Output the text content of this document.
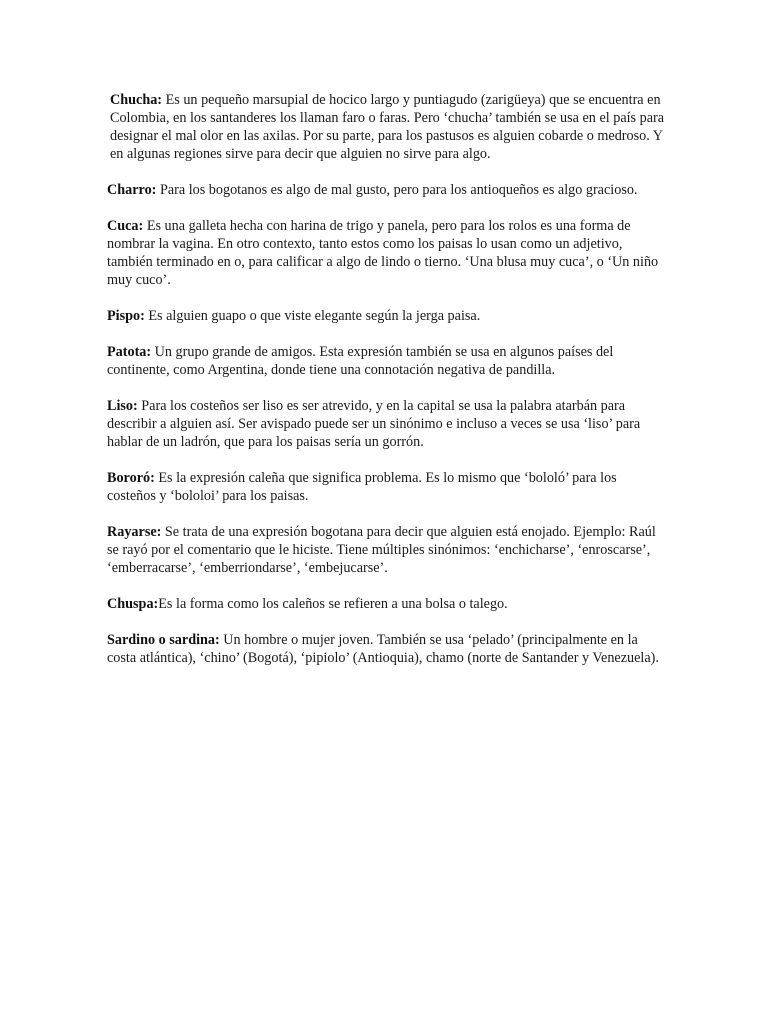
Chucha: Es un pequeño marsupial de hocico largo y puntiagudo (zarigüeya) que se encuentra en Colombia, en los santanderes los llaman faro o faras. Pero ‘chucha’ también se usa en el país para designar el mal olor en las axilas. Por su parte, para los pastusos es alguien cobarde o medroso. Y en algunas regiones sirve para decir que alguien no sirve para algo.

Charro: Para los bogotanos es algo de mal gusto, pero para los antioqueños es algo gracioso.

Cuca: Es una galleta hecha con harina de trigo y panela, pero para los rolos es una forma de nombrar la vagina. En otro contexto, tanto estos como los paisas lo usan como un adjetivo, también terminado en o, para calificar a algo de lindo o tierno. ‘Una blusa muy cuca’, o ‘Un niño muy cuco’.

Pispo: Es alguien guapo o que viste elegante según la jerga paisa.

Patota: Un grupo grande de amigos. Esta expresión también se usa en algunos países del continente, como Argentina, donde tiene una connotación negativa de pandilla.

Liso: Para los costeños ser liso es ser atrevido, y en la capital se usa la palabra atarbán para describir a alguien así. Ser avispado puede ser un sinónimo e incluso a veces se usa ‘liso’ para hablar de un ladrón, que para los paisas sería un gorrón.

Bororó: Es la expresión caleña que significa problema. Es lo mismo que ‘bololó’ para los costeños y ‘bololoi’ para los paisas.

Rayarse: Se trata de una expresión bogotana para decir que alguien está enojado. Ejemplo: Raúl se rayó por el comentario que le hiciste. Tiene múltiples sinónimos: ‘enchicharse’, ‘enroscarse’, ‘emberracarse’, ‘emberriondarse’, ‘embejucarse’.

Chuspa:Es la forma como los caleños se refieren a una bolsa o talego.

Sardino o sardina: Un hombre o mujer joven. También se usa ‘pelado’ (principalmente en la costa atlántica), ‘chino’ (Bogotá), ‘pipiolo’ (Antioquia), chamo (norte de Santander y Venezuela).
